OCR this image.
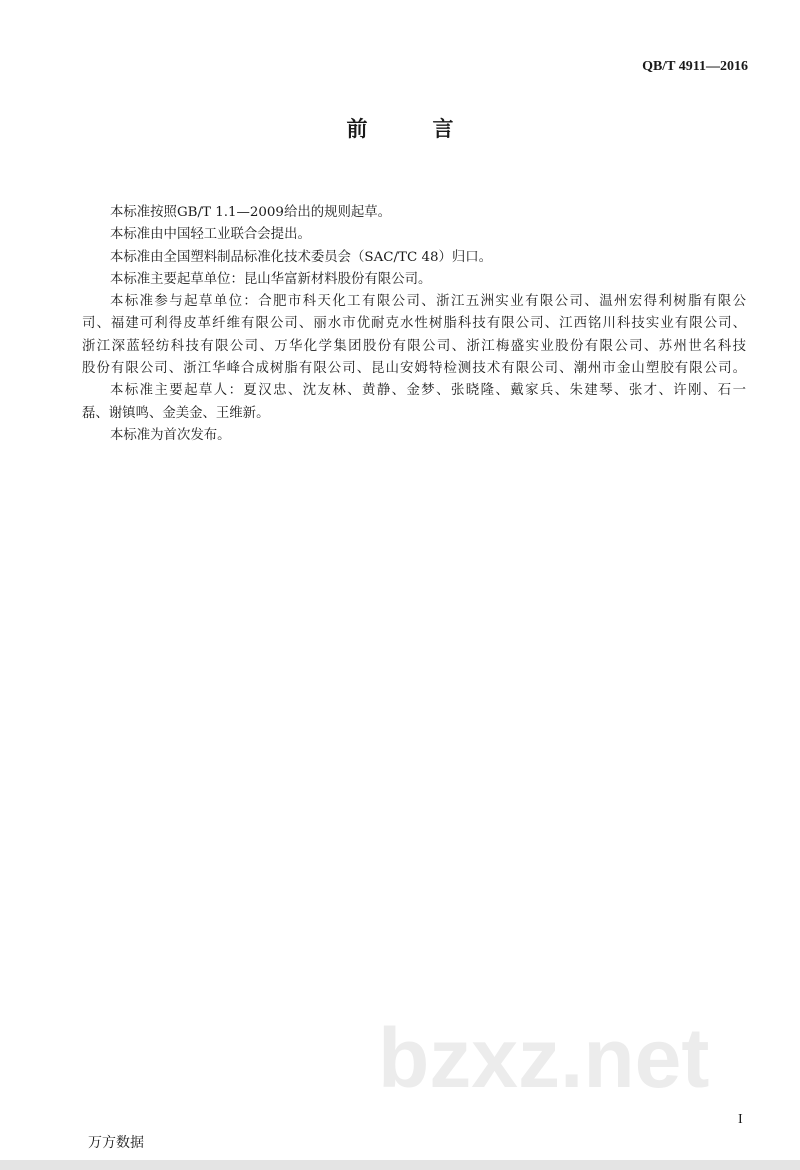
QB/T 4911—2016
前　言
本标准按照GB/T 1.1—2009给出的规则起草。
本标准由中国轻工业联合会提出。
本标准由全国塑料制品标准化技术委员会（SAC/TC 48）归口。
本标准主要起草单位：昆山华富新材料股份有限公司。
本标准参与起草单位：合肥市科天化工有限公司、浙江五洲实业有限公司、温州宏得利树脂有限公
司、福建可利得皮革纤维有限公司、丽水市优耐克水性树脂科技有限公司、江西铭川科技实业有限公司、
浙江深蓝轻纺科技有限公司、万华化学集团股份有限公司、浙江梅盛实业股份有限公司、苏州世名科技
股份有限公司、浙江华峰合成树脂有限公司、昆山安姆特检测技术有限公司、潮州市金山塑胶有限公司。
本标准主要起草人：夏汉忠、沈友林、黄静、金梦、张晓隆、戴家兵、朱建琴、张才、许刚、石一
磊、谢镇鸣、金美金、王维新。
本标准为首次发布。
bzxz.net
I
万方数据
